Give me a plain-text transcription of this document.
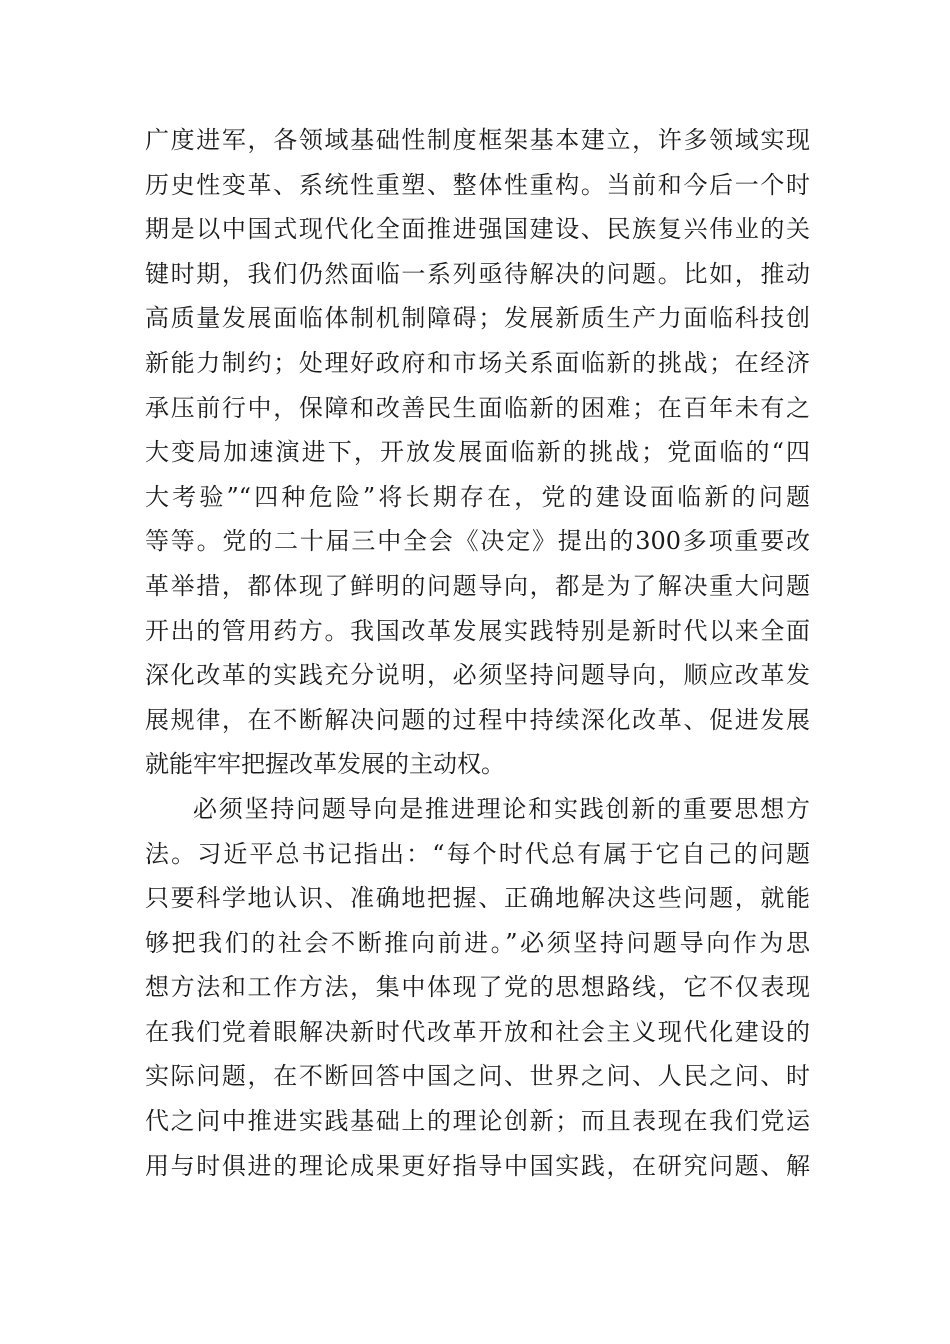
广度进军，各领域基础性制度框架基本建立，许多领域实现
历史性变革、系统性重塑、整体性重构。当前和今后一个时
期是以中国式现代化全面推进强国建设、民族复兴伟业的关
键时期，我们仍然面临一系列亟待解决的问题。比如，推动
高质量发展面临体制机制障碍；发展新质生产力面临科技创
新能力制约；处理好政府和市场关系面临新的挑战；在经济
承压前行中，保障和改善民生面临新的困难；在百年未有之
大变局加速演进下，开放发展面临新的挑战；党面临的“四
大考验”“四种危险”将长期存在，党的建设面临新的问题
等等。党的二十届三中全会《决定》提出的300多项重要改
革举措，都体现了鲜明的问题导向，都是为了解决重大问题
开出的管用药方。我国改革发展实践特别是新时代以来全面
深化改革的实践充分说明，必须坚持问题导向，顺应改革发
展规律，在不断解决问题的过程中持续深化改革、促进发展
就能牢牢把握改革发展的主动权。
必须坚持问题导向是推进理论和实践创新的重要思想方
法。习近平总书记指出：“每个时代总有属于它自己的问题
只要科学地认识、准确地把握、正确地解决这些问题，就能
够把我们的社会不断推向前进。”必须坚持问题导向作为思
想方法和工作方法，集中体现了党的思想路线，它不仅表现
在我们党着眼解决新时代改革开放和社会主义现代化建设的
实际问题，在不断回答中国之问、世界之问、人民之问、时
代之问中推进实践基础上的理论创新；而且表现在我们党运
用与时俱进的理论成果更好指导中国实践，在研究问题、解
